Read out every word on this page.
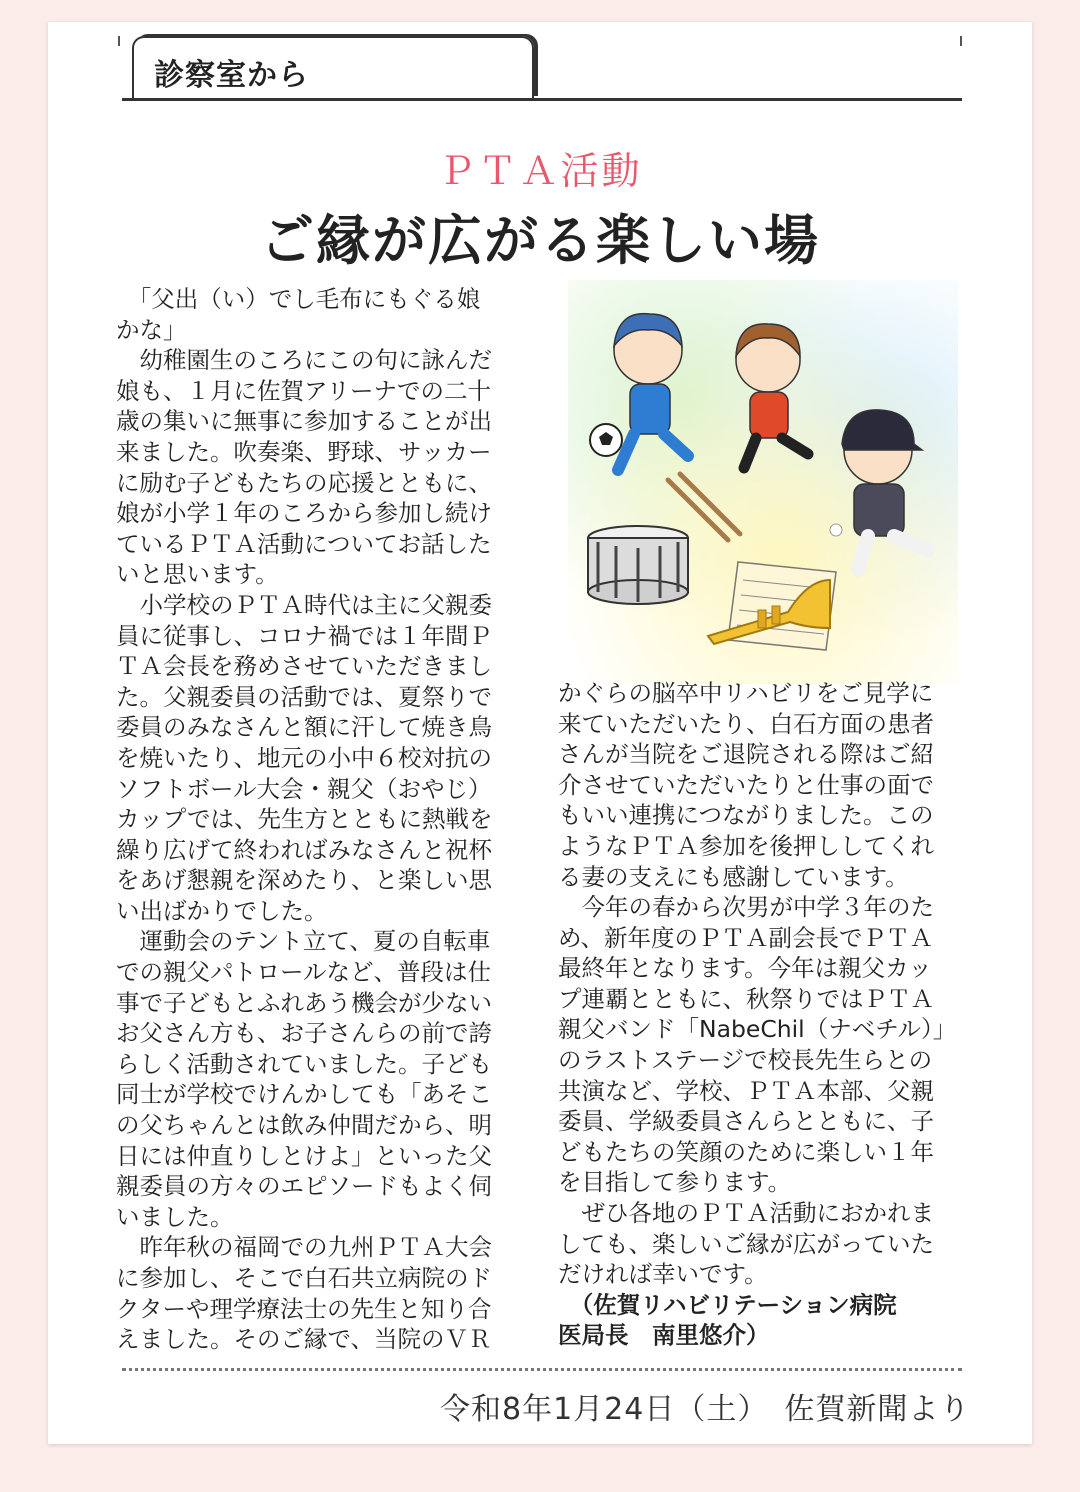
診察室から
ＰＴＡ活動
ご縁が広がる楽しい場
　「父出（い）でし毛布にもぐる娘
かな」
　幼稚園生のころにこの句に詠んだ
娘も、１月に佐賀アリーナでの二十
歳の集いに無事に参加することが出
来ました。吹奏楽、野球、サッカー
に励む子どもたちの応援とともに、
娘が小学１年のころから参加し続け
ているＰＴＡ活動についてお話した
いと思います。
　小学校のＰＴＡ時代は主に父親委
員に従事し、コロナ禍では１年間Ｐ
ＴＡ会長を務めさせていただきまし
た。父親委員の活動では、夏祭りで
委員のみなさんと額に汗して焼き鳥
を焼いたり、地元の小中６校対抗の
ソフトボール大会・親父（おやじ）
カップでは、先生方とともに熱戦を
繰り広げて終わればみなさんと祝杯
をあげ懇親を深めたり、と楽しい思
い出ばかりでした。
　運動会のテント立て、夏の自転車
での親父パトロールなど、普段は仕
事で子どもとふれあう機会が少ない
お父さん方も、お子さんらの前で誇
らしく活動されていました。子ども
同士が学校でけんかしても「あそこ
の父ちゃんとは飲み仲間だから、明
日には仲直りしとけよ」といった父
親委員の方々のエピソードもよく伺
いました。
　昨年秋の福岡での九州ＰＴＡ大会
に参加し、そこで白石共立病院のド
クターや理学療法士の先生と知り合
えました。そのご縁で、当院のＶＲ
かぐらの脳卒中リハビリをご見学に
来ていただいたり、白石方面の患者
さんが当院をご退院される際はご紹
介させていただいたりと仕事の面で
もいい連携につながりました。この
ようなＰＴＡ参加を後押ししてくれ
る妻の支えにも感謝しています。
　今年の春から次男が中学３年のた
め、新年度のＰＴＡ副会長でＰＴＡ
最終年となります。今年は親父カッ
プ連覇とともに、秋祭りではＰＴＡ
親父バンド「NabeChil（ナベチル）」
のラストステージで校長先生らとの
共演など、学校、ＰＴＡ本部、父親
委員、学級委員さんらとともに、子
どもたちの笑顔のために楽しい１年
を目指して参ります。
　ぜひ各地のＰＴＡ活動におかれま
しても、楽しいご縁が広がっていた
だければ幸いです。
　（佐賀リハビリテーション病院
医局長　南里悠介）
令和8年1月24日（土）　佐賀新聞より
